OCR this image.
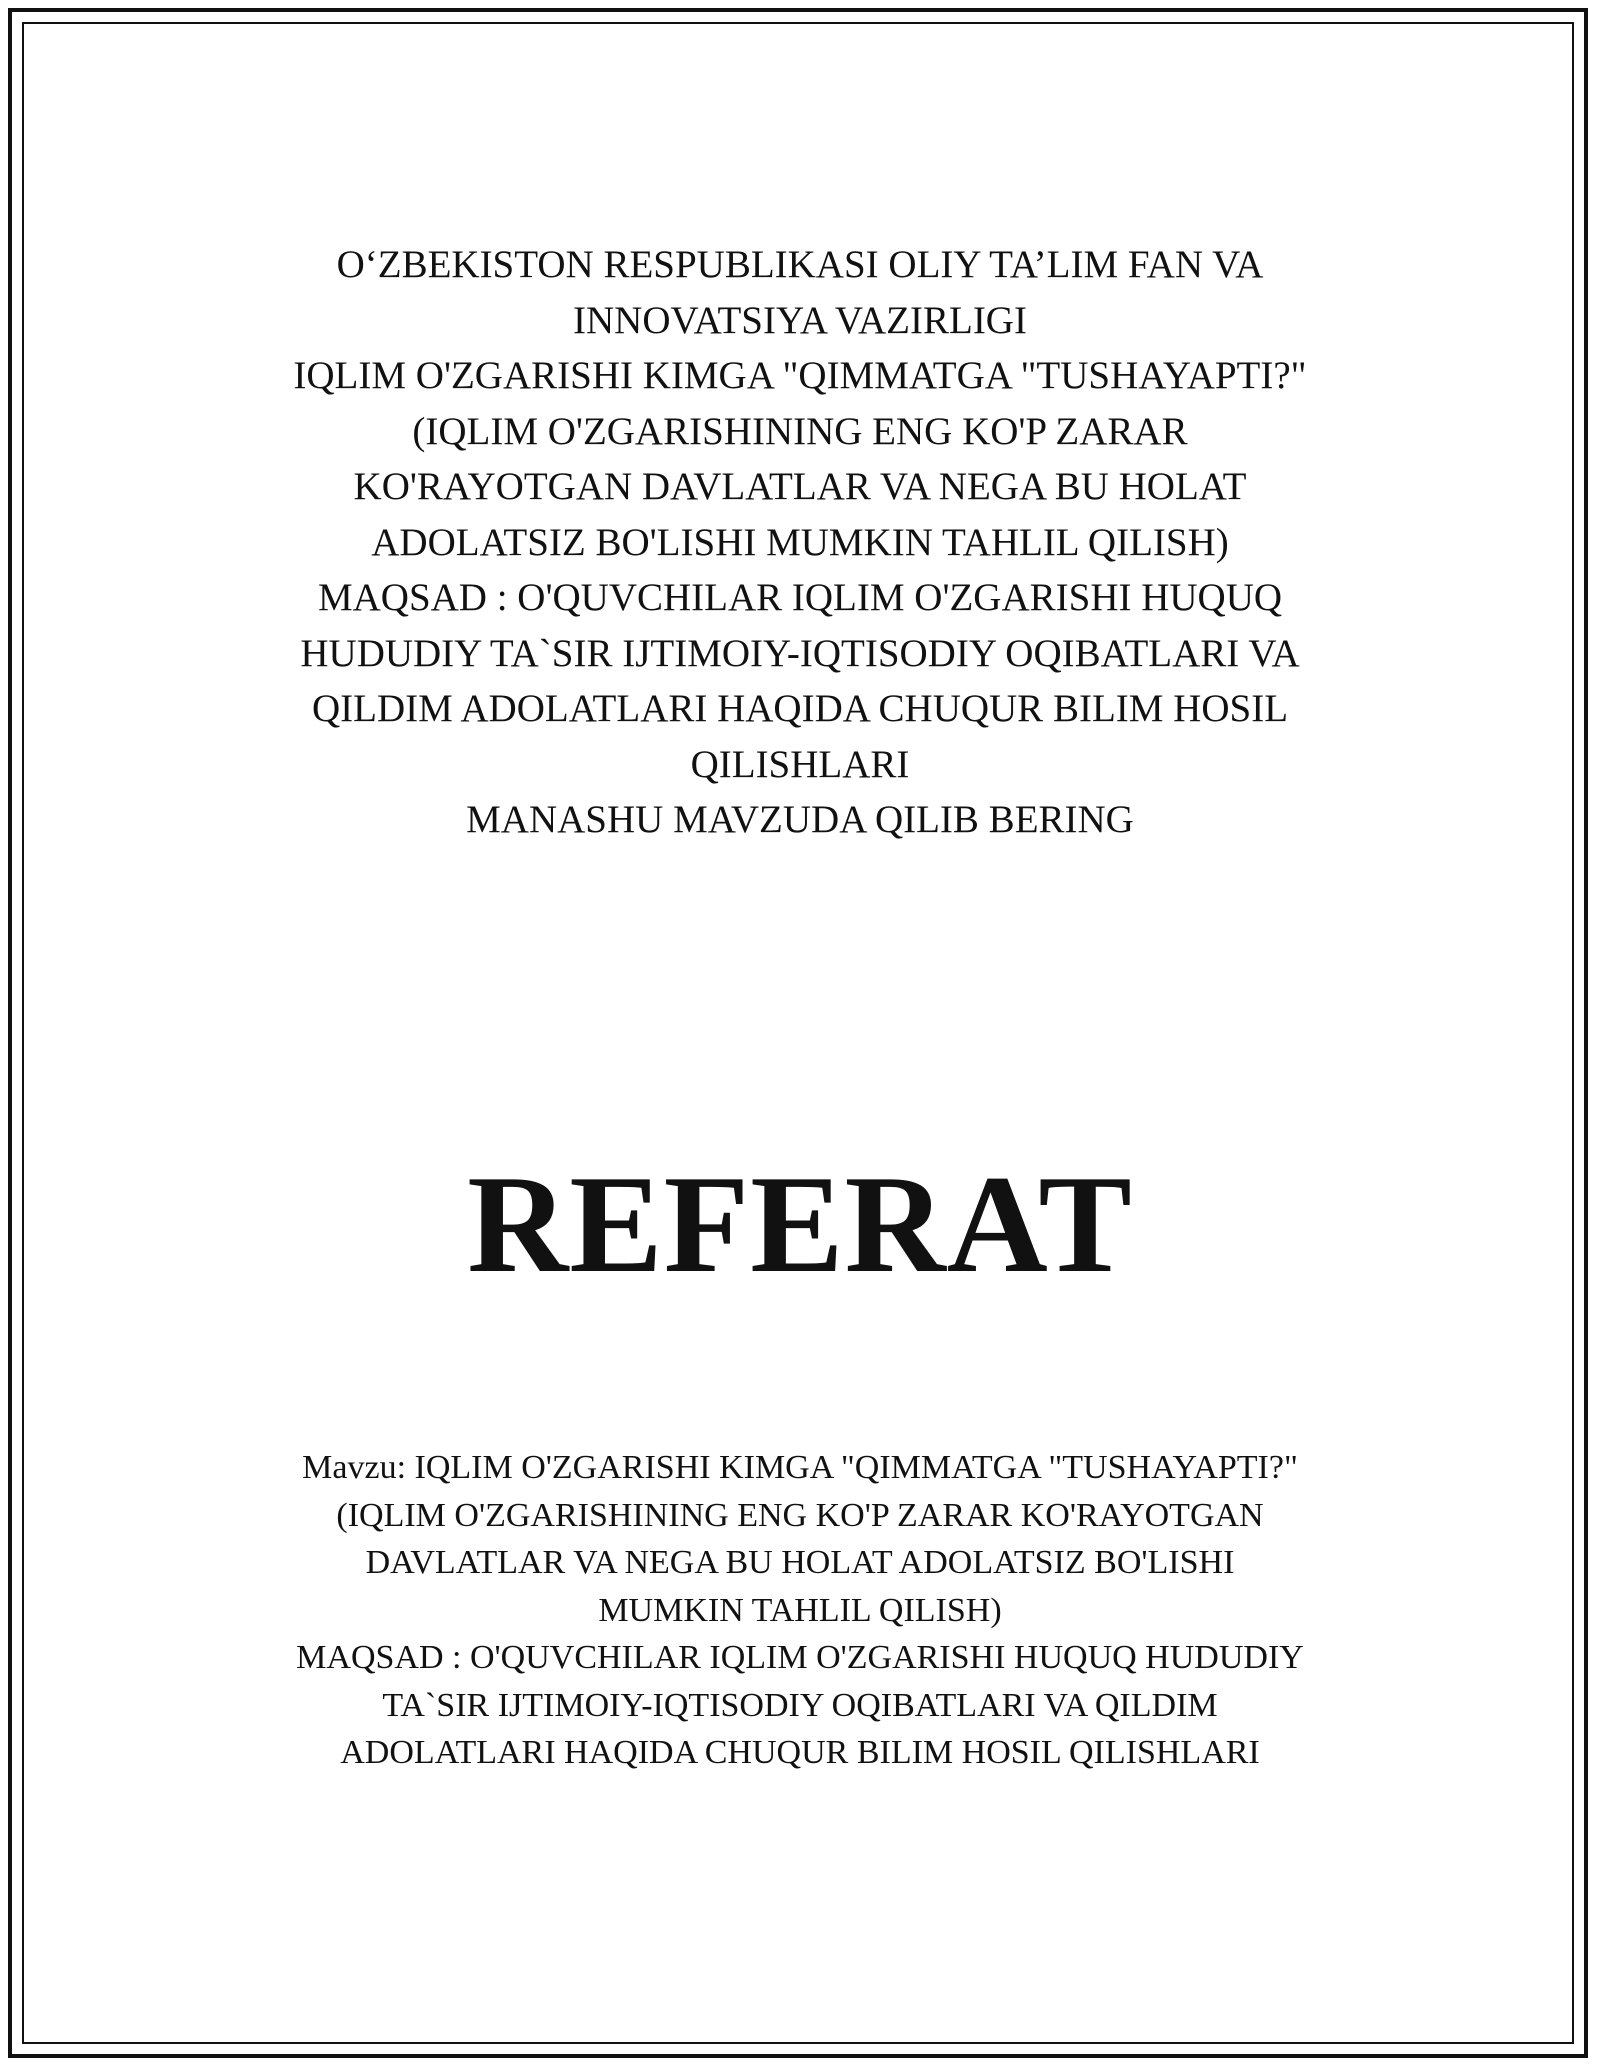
O‘ZBEKISTON RESPUBLIKASI OLIY TA’LIM FAN VA
INNOVATSIYA VAZIRLIGI
IQLIM O'ZGARISHI KIMGA "QIMMATGA "TUSHAYAPTI?"
(IQLIM O'ZGARISHINING ENG KO'P ZARAR
KO'RAYOTGAN DAVLATLAR VA NEGA BU HOLAT
ADOLATSIZ BO'LISHI MUMKIN TAHLIL QILISH)
MAQSAD : O'QUVCHILAR IQLIM O'ZGARISHI HUQUQ
HUDUDIY TA`SIR IJTIMOIY-IQTISODIY OQIBATLARI VA
QILDIM ADOLATLARI HAQIDA CHUQUR BILIM HOSIL
QILISHLARI
MANASHU MAVZUDA QILIB BERING
REFERAT
Mavzu: IQLIM O'ZGARISHI KIMGA "QIMMATGA "TUSHAYAPTI?"
(IQLIM O'ZGARISHINING ENG KO'P ZARAR KO'RAYOTGAN
DAVLATLAR VA NEGA BU HOLAT ADOLATSIZ BO'LISHI
MUMKIN TAHLIL QILISH)
MAQSAD : O'QUVCHILAR IQLIM O'ZGARISHI HUQUQ HUDUDIY
TA`SIR IJTIMOIY-IQTISODIY OQIBATLARI VA QILDIM
ADOLATLARI HAQIDA CHUQUR BILIM HOSIL QILISHLARI
